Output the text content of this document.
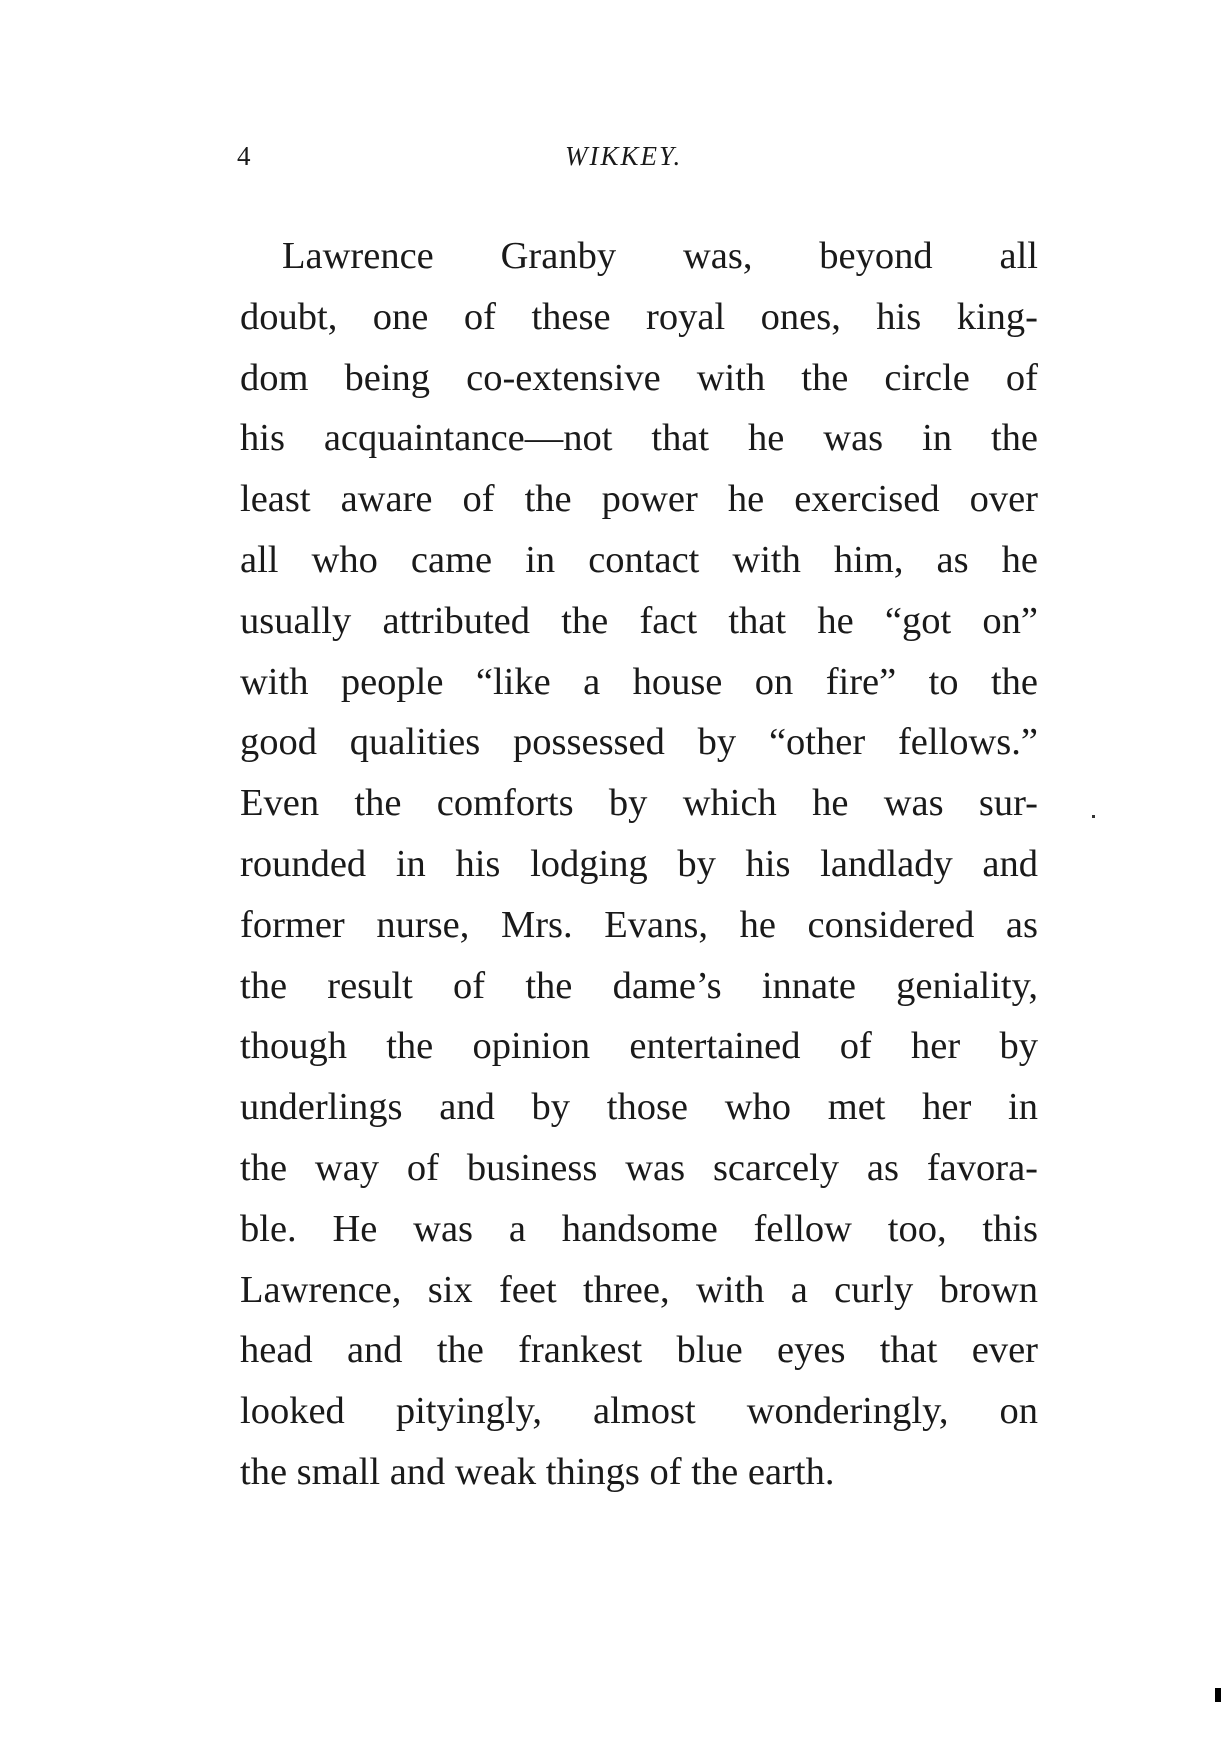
4	WIKKEY.
Lawrence Granby was, beyond all
doubt, one of these royal ones, his king-
dom being co-extensive with the circle of
his acquaintance—not that he was in the
least aware of the power he exercised over
all who came in contact with him, as he
usually attributed the fact that he “got on”
with people “like a house on fire” to the
good qualities possessed by “other fellows.”
Even the comforts by which he was sur-
rounded in his lodging by his landlady and
former nurse, Mrs. Evans, he considered as
the result of the dame’s innate geniality,
though the opinion entertained of her by
underlings and by those who met her in
the way of business was scarcely as favora-
ble. He was a handsome fellow too, this
Lawrence, six feet three, with a curly brown
head and the frankest blue eyes that ever
looked pityingly, almost wonderingly, on
the small and weak things of the earth.
